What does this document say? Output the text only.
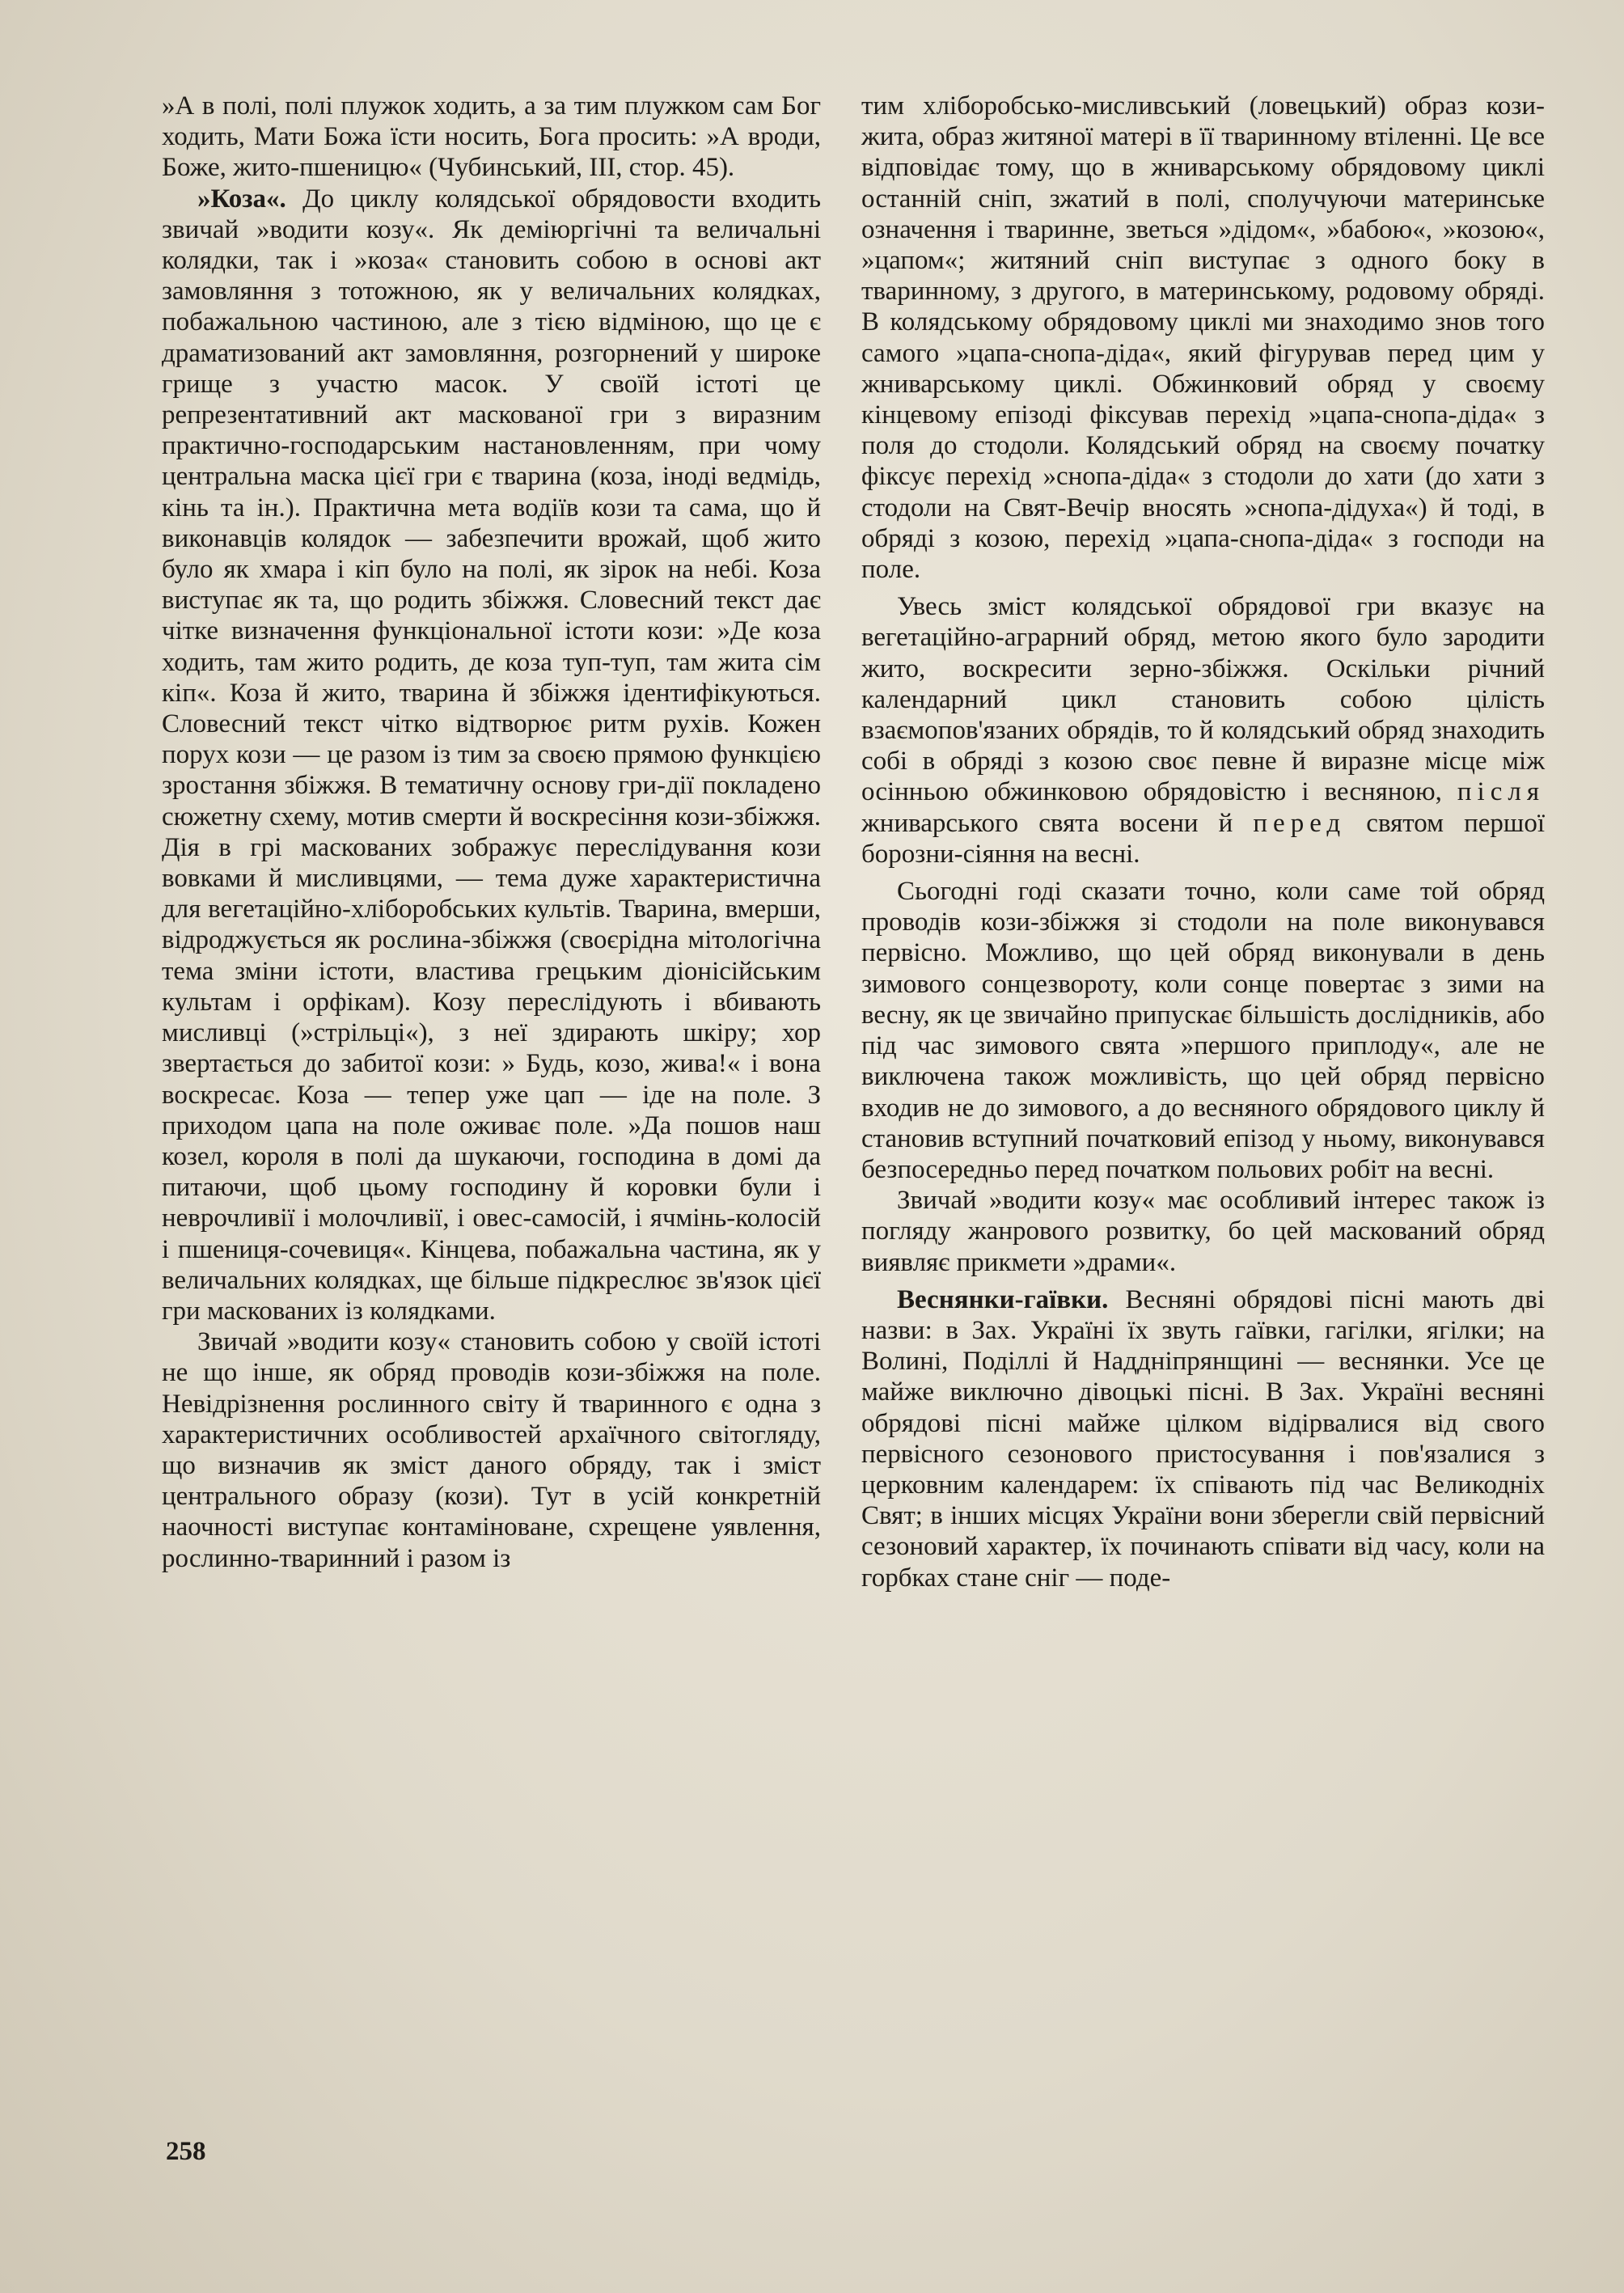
»А в полі, полі плужок ходить, а за тим плужком сам Бог ходить, Мати Божа їсти носить, Бога просить: »А вроди, Боже, жито-пшеницю« (Чубинський, III, стор. 45).

»Коза«. До циклу колядської обрядовости входить звичай »водити козу«. Як деміюргічні та величальні колядки, так і »коза« становить собою в основі акт замовляння з тотожною, як у величальних колядках, побажальною частиною, але з тією відміною, що це є драматизований акт замовляння, розгорнений у широке грище з участю масок. У своїй істоті це репрезентативний акт маскованої гри з виразним практично-господарським настановленням, при чому центральна маска цієї гри є тварина (коза, іноді ведмідь, кінь та ін.). Практична мета водіїв кози та сама, що й виконавців колядок — забезпечити врожай, щоб жито було як хмара і кіп було на полі, як зірок на небі. Коза виступає як та, що родить збіжжя. Словесний текст дає чітке визначення функціональної істоти кози: »Де коза ходить, там жито родить, де коза туп-туп, там жита сім кіп«. Коза й жито, тварина й збіжжя ідентифікуються. Словесний текст чітко відтворює ритм рухів. Кожен порух кози — це разом із тим за своєю прямою функцією зростання збіжжя. В тематичну основу гри-дії покладено сюжетну схему, мотив смерти й воскресіння кози-збіжжя. Дія в грі маскованих зображує переслідування кози вовками й мисливцями, — тема дуже характеристична для вегетаційно-хліборобських культів. Тварина, вмерши, відроджується як рослина-збіжжя (своєрідна мітологічна тема зміни істоти, властива грецьким діонісійським культам і орфікам). Козу переслідують і вбивають мисливці (»стрільці«), з неї здирають шкіру; хор звертається до забитої кози: » Будь, козо, жива!« і вона воскресає. Коза — тепер уже цап — іде на поле. З приходом цапа на поле оживає поле. »Да пошов наш козел, короля в полі да шукаючи, господина в домі да питаючи, щоб цьому господину й коровки були і неврочливії і молочливії, і овес-самосій, і ячмінь-колосій і пшениця-сочевиця«. Кінцева, побажальна частина, як у величальних колядках, ще більше підкреслює зв'язок цієї гри маскованих із колядками.

Звичай »водити козу« становить собою у своїй істоті не що інше, як обряд проводів кози-збіжжя на поле. Невідрізнення рослинного світу й тваринного є одна з характеристичних особливостей архаїчного світогляду, що визначив як зміст даного обряду, так і зміст центрального образу (кози). Тут в усій конкретній наочності виступає контаміноване, схрещене уявлення, рослинно-тваринний і разом із

тим хліборобсько-мисливський (ловецький) образ кози-жита, образ житяної матері в її тваринному втіленні. Це все відповідає тому, що в жниварському обрядовому циклі останній сніп, зжатий в полі, сполучуючи материнське означення і тваринне, зветься »дідом«, »бабою«, »козою«, »цапом«; житяний сніп виступає з одного боку в тваринному, з другого, в материнському, родовому обряді. В колядському обрядовому циклі ми знаходимо знов того самого »цапа-снопа-діда«, який фігурував перед цим у жниварському циклі. Обжинковий обряд у своєму кінцевому епізоді фіксував перехід »цапа-снопа-діда« з поля до стодоли. Колядський обряд на своєму початку фіксує перехід »снопа-діда« з стодоли до хати (до хати з стодоли на Свят-Вечір вносять »снопа-дідуха«) й тоді, в обряді з козою, перехід »цапа-снопа-діда« з господи на поле.

Увесь зміст колядської обрядової гри вказує на вегетаційно-аграрний обряд, метою якого було зародити жито, воскресити зерно-збіжжя. Оскільки річний календарний цикл становить собою цілість взаємопов'язаних обрядів, то й колядський обряд знаходить собі в обряді з козою своє певне й виразне місце між осінньою обжинковою обрядовістю і весняною, після жниварського свята восени й перед святом першої борозни-сіяння на весні.

Сьогодні годі сказати точно, коли саме той обряд проводів кози-збіжжя зі стодоли на поле виконувався первісно. Можливо, що цей обряд виконували в день зимового сонцезвороту, коли сонце повертає з зими на весну, як це звичайно припускає більшість дослідників, або під час зимового свята »першого приплоду«, але не виключена також можливість, що цей обряд первісно входив не до зимового, а до весняного обрядового циклу й становив вступний початковий епізод у ньому, виконувався безпосередньо перед початком польових робіт на весні.

Звичай »водити козу« має особливий інтерес також із погляду жанрового розвитку, бо цей маскований обряд виявляє прикмети »драми«.

Веснянки-гаївки. Весняні обрядові пісні мають дві назви: в Зах. Україні їх звуть гаївки, гагілки, ягілки; на Волині, Поділлі й Наддніпрянщині — веснянки. Усе це майже виключно дівоцькі пісні. В Зах. Україні весняні обрядові пісні майже цілком відірвалися від свого первісного сезонового пристосування і пов'язалися з церковним календарем: їх співають під час Великодніх Свят; в інших місцях України вони зберегли свій первісний сезоновий характер, їх починають співати від часу, коли на горбках стане сніг — поде-

258
